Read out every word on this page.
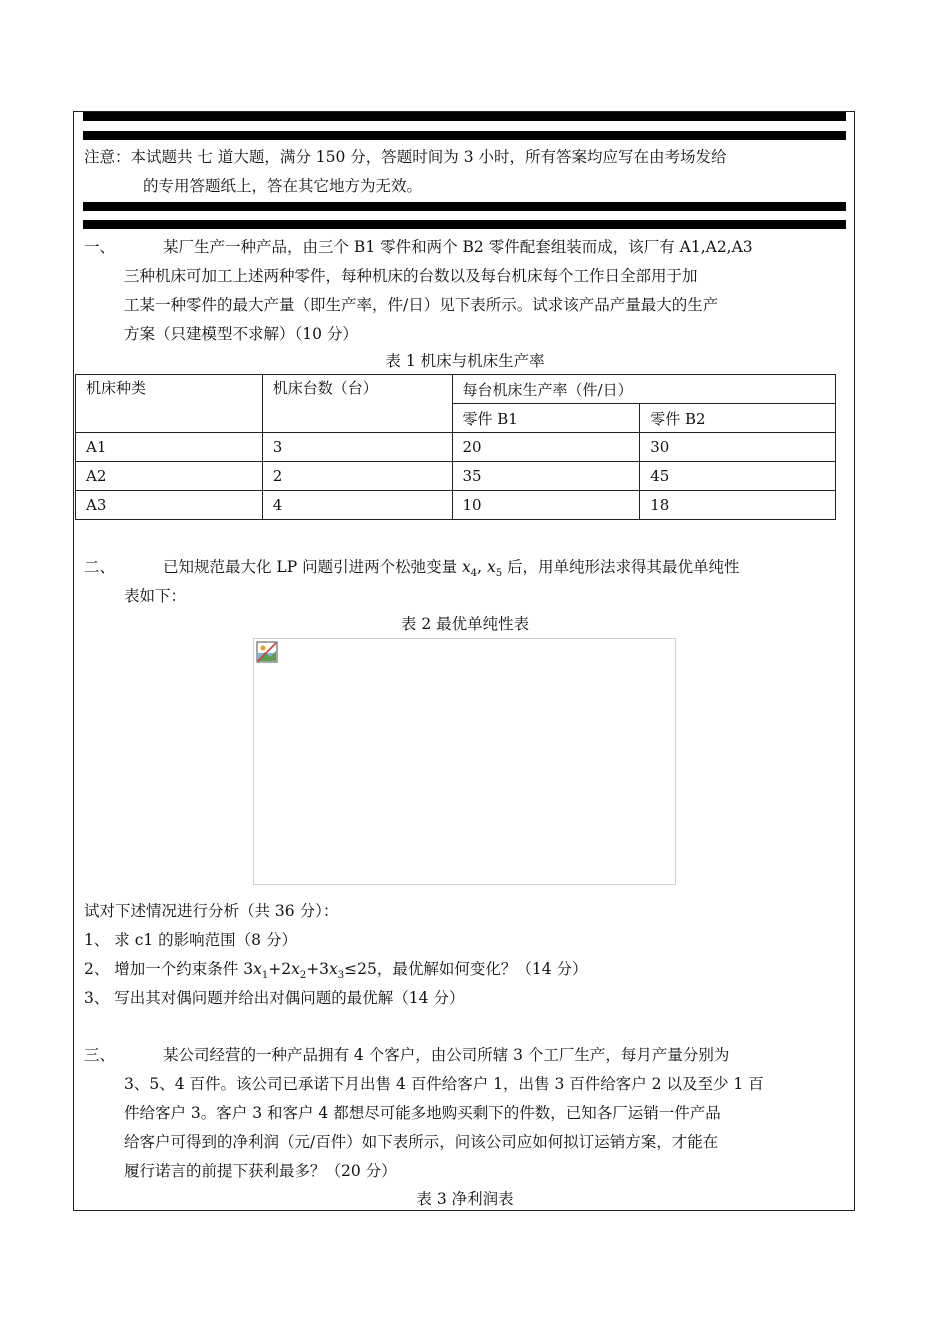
注意：本试题共 七 道大题，满分 150 分，答题时间为 3 小时，所有答案均应写在由考场发给
的专用答题纸上，答在其它地方为无效。
一、	某厂生产一种产品，由三个 B1 零件和两个 B2 零件配套组装而成，该厂有 A1,A2,A3
三种机床可加工上述两种零件，每种机床的台数以及每台机床每个工作日全部用于加
工某一种零件的最大产量（即生产率，件/日）见下表所示。试求该产品产量最大的生产
方案（只建模型不求解）（10 分）
表 1 机床与机床生产率
机床种类	机床台数（台）	每台机床生产率（件/日）	
		零件 B1	零件 B2
A1	3	20	30
A2	2	35	45
A3	4	10	18
二、	已知规范最大化 LP 问题引进两个松弛变量 $x_4$, $x_5$ 后，用单纯形法求得其最优单纯性
表如下：
表 2 最优单纯性表
试对下述情况进行分析（共 36 分）：
1、 求 c1 的影响范围（8 分）
2、 增加一个约束条件 $3x_1+2x_2+3x_3\le 25$，最优解如何变化？（14 分）
3、 写出其对偶问题并给出对偶问题的最优解（14 分）
三、	某公司经营的一种产品拥有 4 个客户，由公司所辖 3 个工厂生产，每月产量分别为
3、5、4 百件。该公司已承诺下月出售 4 百件给客户 1，出售 3 百件给客户 2 以及至少 1 百
件给客户 3。客户 3 和客户 4 都想尽可能多地购买剩下的件数，已知各厂运销一件产品
给客户可得到的净利润（元/百件）如下表所示，问该公司应如何拟订运销方案，才能在
履行诺言的前提下获利最多？（20 分）
表 3 净利润表
